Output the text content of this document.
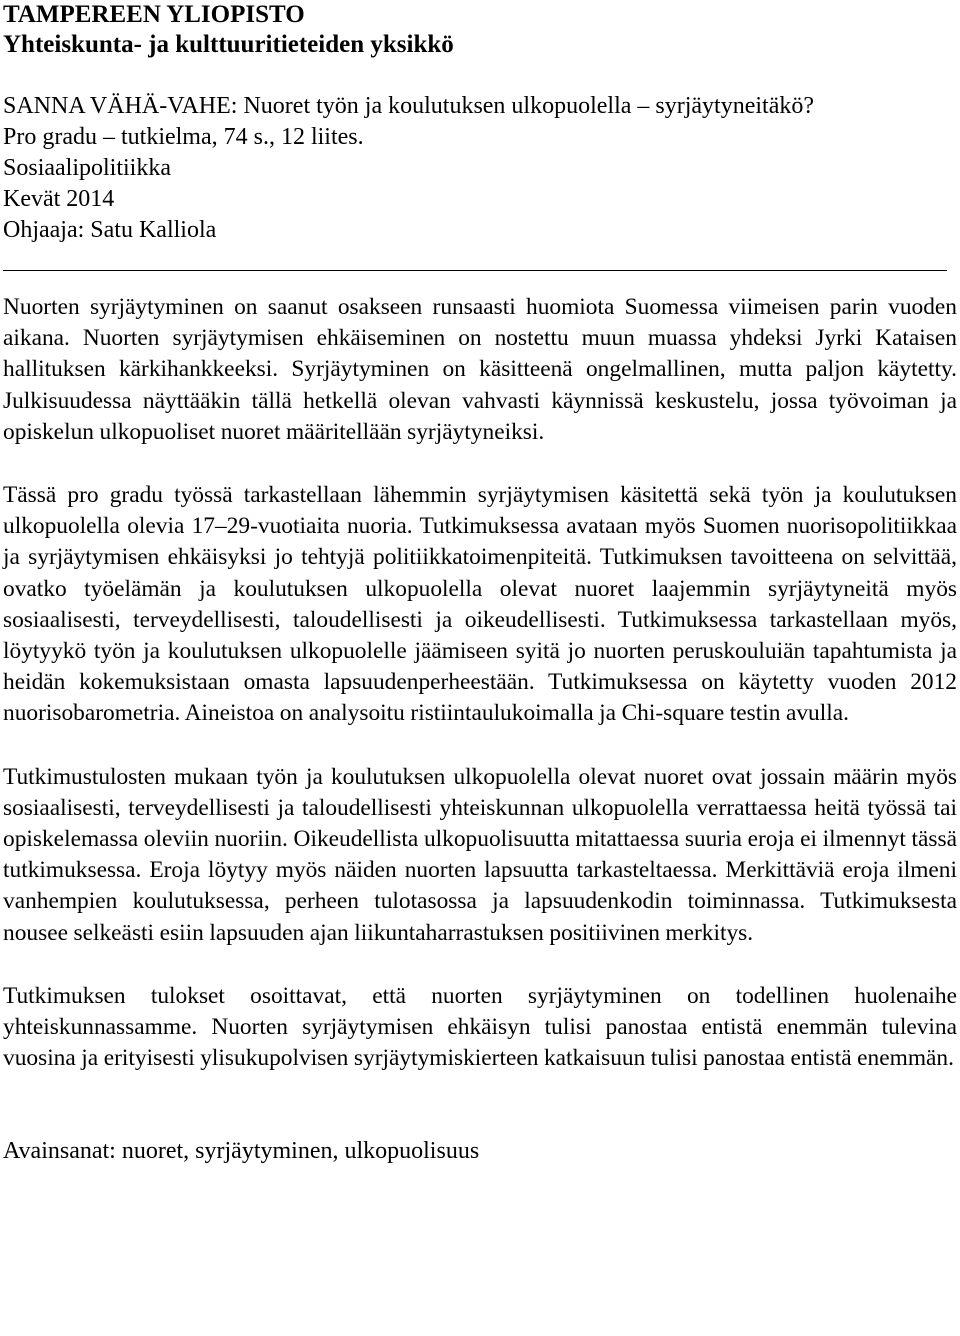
TAMPEREEN YLIOPISTO

Yhteiskunta- ja kulttuuritieteiden yksikkö

SANNA VÄHÄ-VAHE: Nuoret työn ja koulutuksen ulkopuolella – syrjäytyneitäkö?

Pro gradu – tutkielma, 74 s., 12 liites.

Sosiaalipolitiikka

Kevät 2014

Ohjaaja: Satu Kalliola

Nuorten syrjäytyminen on saanut osakseen runsaasti huomiota Suomessa viimeisen parin vuoden aikana. Nuorten syrjäytymisen ehkäiseminen on nostettu muun muassa yhdeksi Jyrki Kataisen hallituksen kärkihankkeeksi. Syrjäytyminen on käsitteenä ongelmallinen, mutta paljon käytetty. Julkisuudessa näyttääkin tällä hetkellä olevan vahvasti käynnissä keskustelu, jossa työvoiman ja opiskelun ulkopuoliset nuoret määritellään syrjäytyneiksi.

Tässä pro gradu työssä tarkastellaan lähemmin syrjäytymisen käsitettä sekä työn ja koulutuksen ulkopuolella olevia 17–29-vuotiaita nuoria. Tutkimuksessa avataan myös Suomen nuorisopolitiikkaa ja syrjäytymisen ehkäisyksi jo tehtyjä politiikkatoimenpiteitä. Tutkimuksen tavoitteena on selvittää, ovatko työelämän ja koulutuksen ulkopuolella olevat nuoret laajemmin syrjäytyneitä myös sosiaalisesti, terveydellisesti, taloudellisesti ja oikeudellisesti. Tutkimuksessa tarkastellaan myös, löytyykö työn ja koulutuksen ulkopuolelle jäämiseen syitä jo nuorten peruskouluiän tapahtumista ja heidän kokemuksistaan omasta lapsuudenperheestään. Tutkimuksessa on käytetty vuoden 2012 nuorisobarometria. Aineistoa on analysoitu ristiintaulukoimalla ja Chi-square testin avulla.

Tutkimustulosten mukaan työn ja koulutuksen ulkopuolella olevat nuoret ovat jossain määrin myös sosiaalisesti, terveydellisesti ja taloudellisesti yhteiskunnan ulkopuolella verrattaessa heitä työssä tai opiskelemassa oleviin nuoriin. Oikeudellista ulkopuolisuutta mitattaessa suuria eroja ei ilmennyt tässä tutkimuksessa. Eroja löytyy myös näiden nuorten lapsuutta tarkasteltaessa. Merkittäviä eroja ilmeni vanhempien koulutuksessa, perheen tulotasossa ja lapsuudenkodin toiminnassa. Tutkimuksesta nousee selkeästi esiin lapsuuden ajan liikuntaharrastuksen positiivinen merkitys.

Tutkimuksen tulokset osoittavat, että nuorten syrjäytyminen on todellinen huolenaihe yhteiskunnassamme. Nuorten syrjäytymisen ehkäisyn tulisi panostaa entistä enemmän tulevina vuosina ja erityisesti ylisukupolvisen syrjäytymiskierteen katkaisuun tulisi panostaa entistä enemmän.

Avainsanat: nuoret, syrjäytyminen, ulkopuolisuus
